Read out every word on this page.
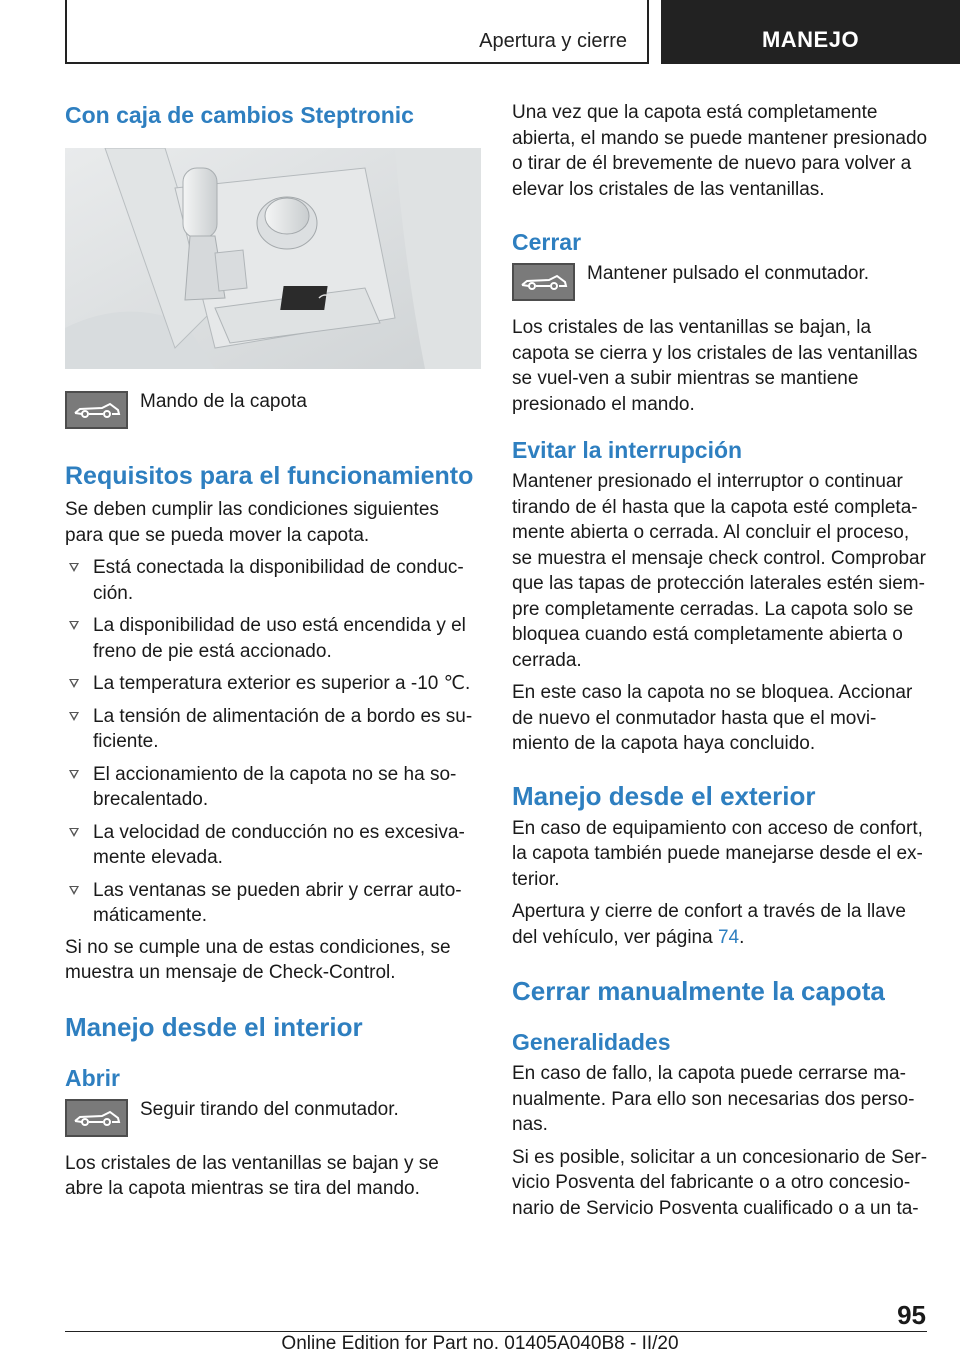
Apertura y cierre	MANEJO
Con caja de cambios Steptronic
Mando de la capota
Requisitos para el funcionamiento

Se deben cumplir las condiciones siguientes para que se pueda mover la capota.

Está conectada la disponibilidad de conduc‐ción.
La disponibilidad de uso está encendida y el freno de pie está accionado.
La temperatura exterior es superior a -10 ℃.
La tensión de alimentación de a bordo es su‐ficiente.
El accionamiento de la capota no se ha so‐brecalentado.
La velocidad de conducción no es excesiva‐mente elevada.
Las ventanas se pueden abrir y cerrar auto‐máticamente.

Si no se cumple una de estas condiciones, se muestra un mensaje de Check-Control.

Manejo desde el interior
Abrir
Seguir tirando del conmutador.

Los cristales de las ventanillas se bajan y se abre la capota mientras se tira del mando.

Una vez que la capota está completamente abierta, el mando se puede mantener presionado o tirar de él brevemente de nuevo para volver a elevar los cristales de las ventanillas.

Cerrar
Mantener pulsado el conmutador.

Los cristales de las ventanillas se bajan, la capota se cierra y los cristales de las ventanillas se vuel‐ven a subir mientras se mantiene presionado el mando.

Evitar la interrupción

Mantener presionado el interruptor o continuar tirando de él hasta que la capota esté completa‐mente abierta o cerrada. Al concluir el proceso, se muestra el mensaje check control. Comprobar que las tapas de protección laterales estén siem‐pre completamente cerradas. La capota solo se bloquea cuando está completamente abierta o cerrada.

En este caso la capota no se bloquea. Accionar de nuevo el conmutador hasta que el movi‐miento de la capota haya concluido.

Manejo desde el exterior

En caso de equipamiento con acceso de confort, la capota también puede manejarse desde el ex‐terior.

Apertura y cierre de confort a través de la llave del vehículo, ver página 74.

Cerrar manualmente la capota
Generalidades

En caso de fallo, la capota puede cerrarse ma‐nualmente. Para ello son necesarias dos perso‐nas.

Si es posible, solicitar a un concesionario de Ser‐vicio Posventa del fabricante o a otro concesio‐nario de Servicio Posventa cualificado o a un ta‐

95
Online Edition for Part no. 01405A040B8 - II/20
